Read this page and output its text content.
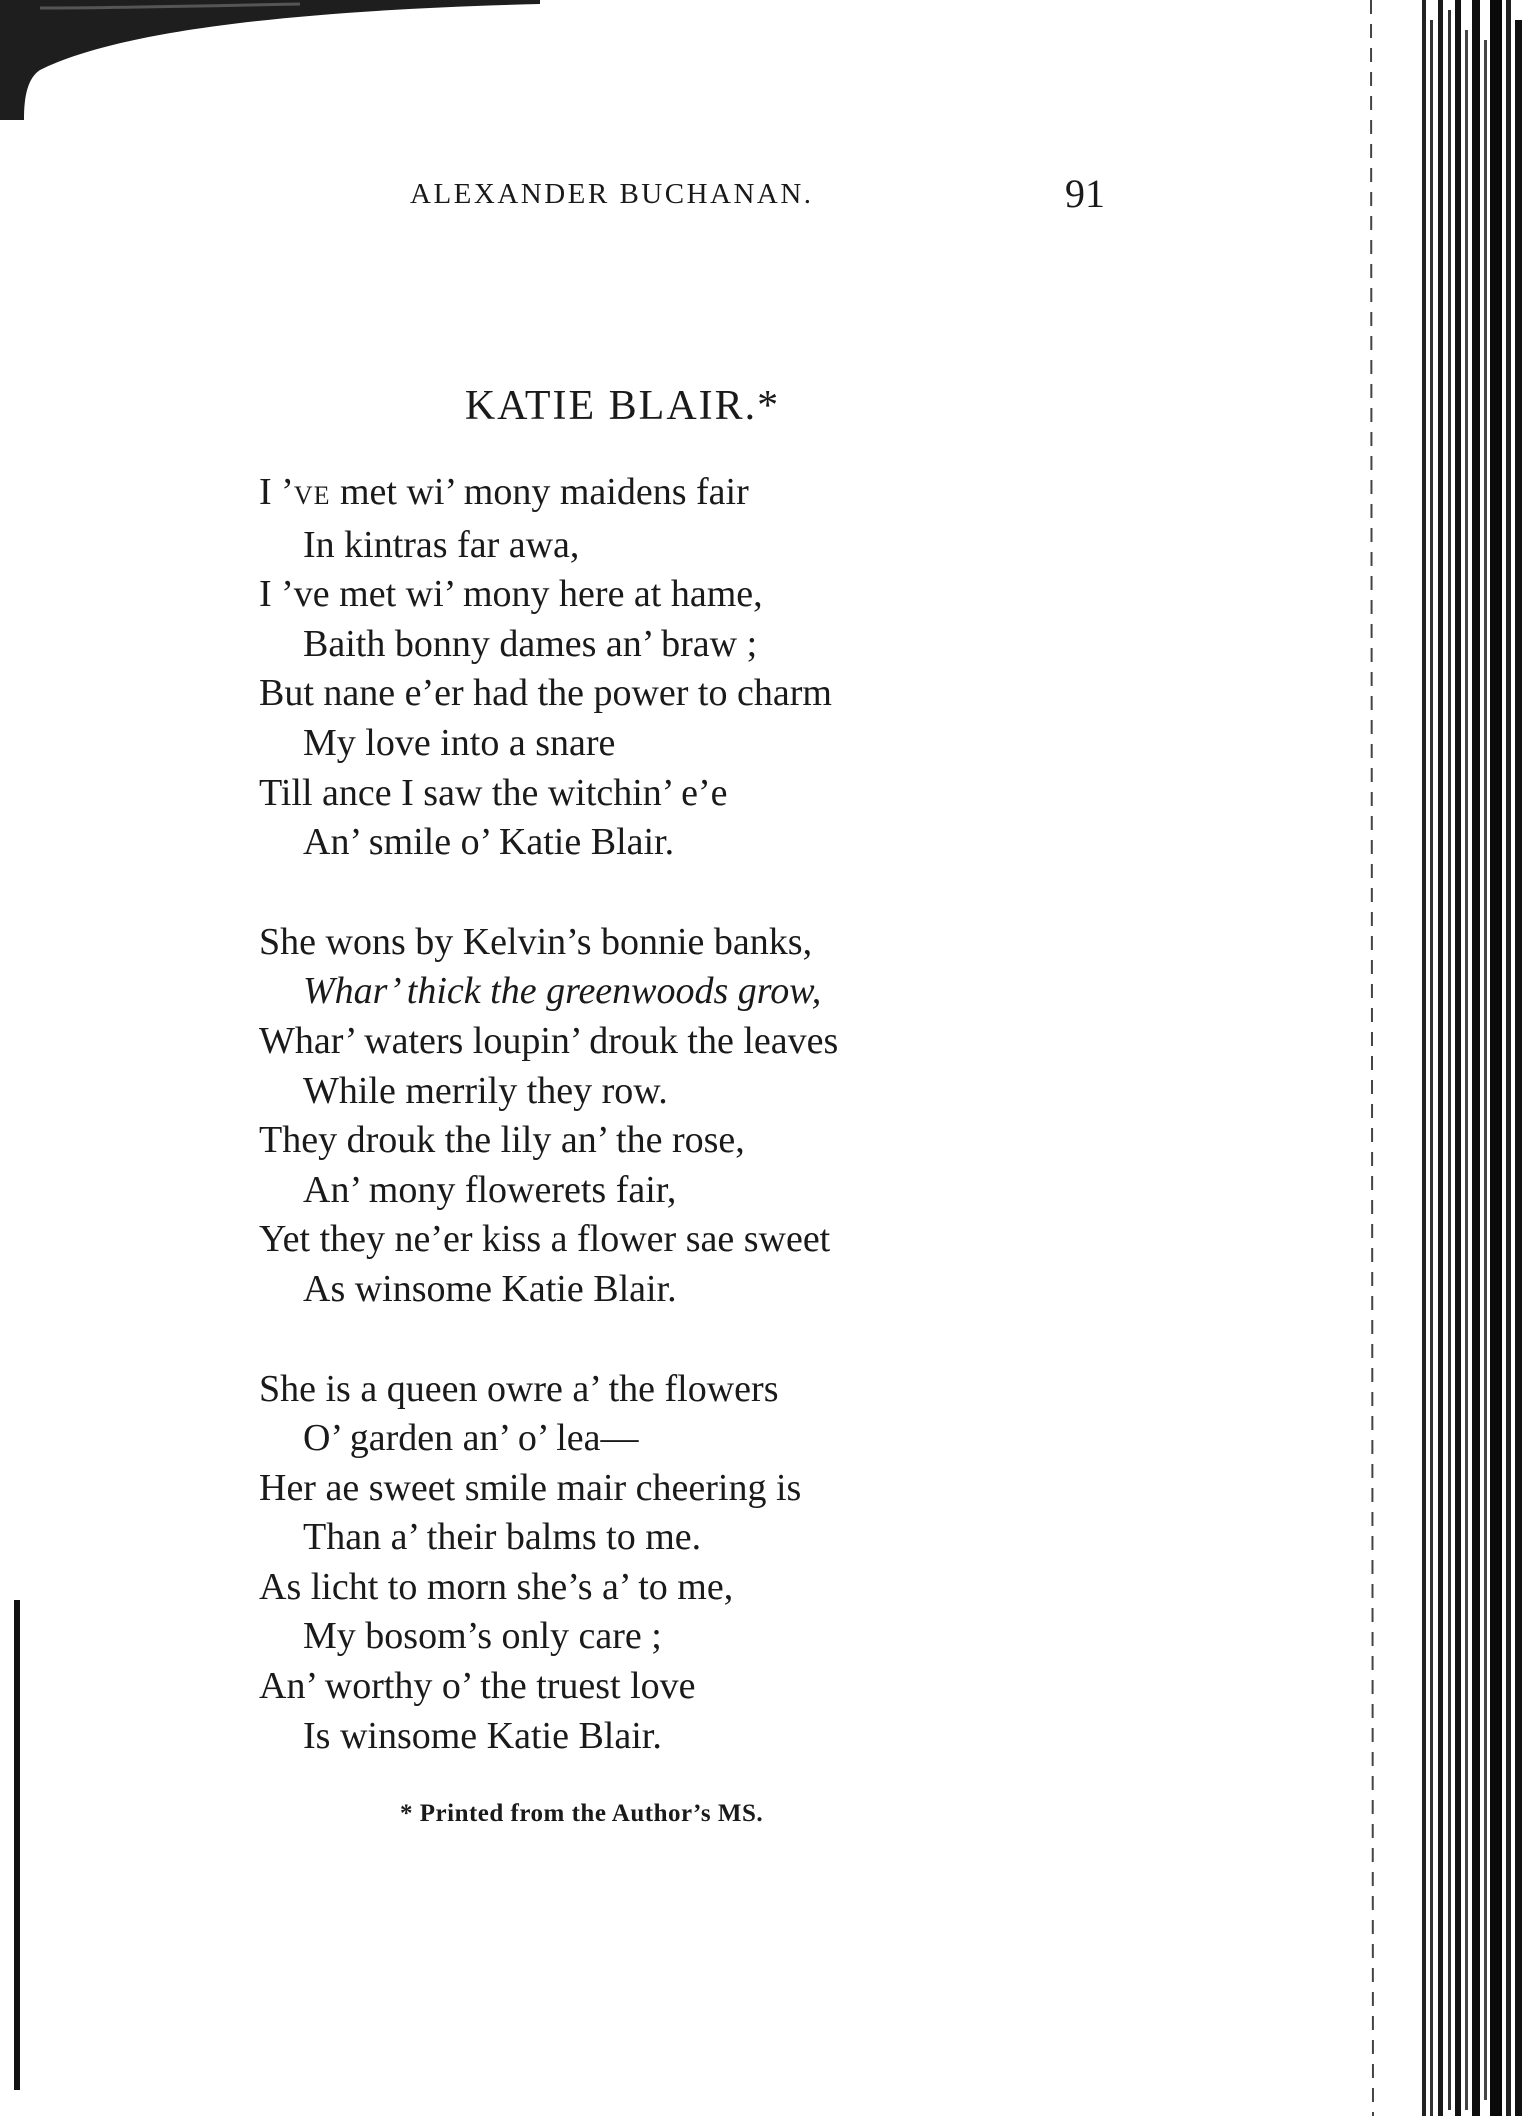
ALEXANDER BUCHANAN.	91
KATIE BLAIR.*
I ’VE met wi’ mony maidens fair
In kintras far awa,
I ’ve met wi’ mony here at hame,
Baith bonny dames an’ braw ;
But nane e’er had the power to charm
My love into a snare
Till ance I saw the witchin’ e’e
An’ smile o’ Katie Blair.
She wons by Kelvin’s bonnie banks,
Whar’ thick the greenwoods grow,
Whar’ waters loupin’ drouk the leaves
While merrily they row.
They drouk the lily an’ the rose,
An’ mony flowerets fair,
Yet they ne’er kiss a flower sae sweet
As winsome Katie Blair.
She is a queen owre a’ the flowers
O’ garden an’ o’ lea—
Her ae sweet smile mair cheering is
Than a’ their balms to me.
As licht to morn she’s a’ to me,
My bosom’s only care ;
An’ worthy o’ the truest love
Is winsome Katie Blair.
* Printed from the Author’s MS.
